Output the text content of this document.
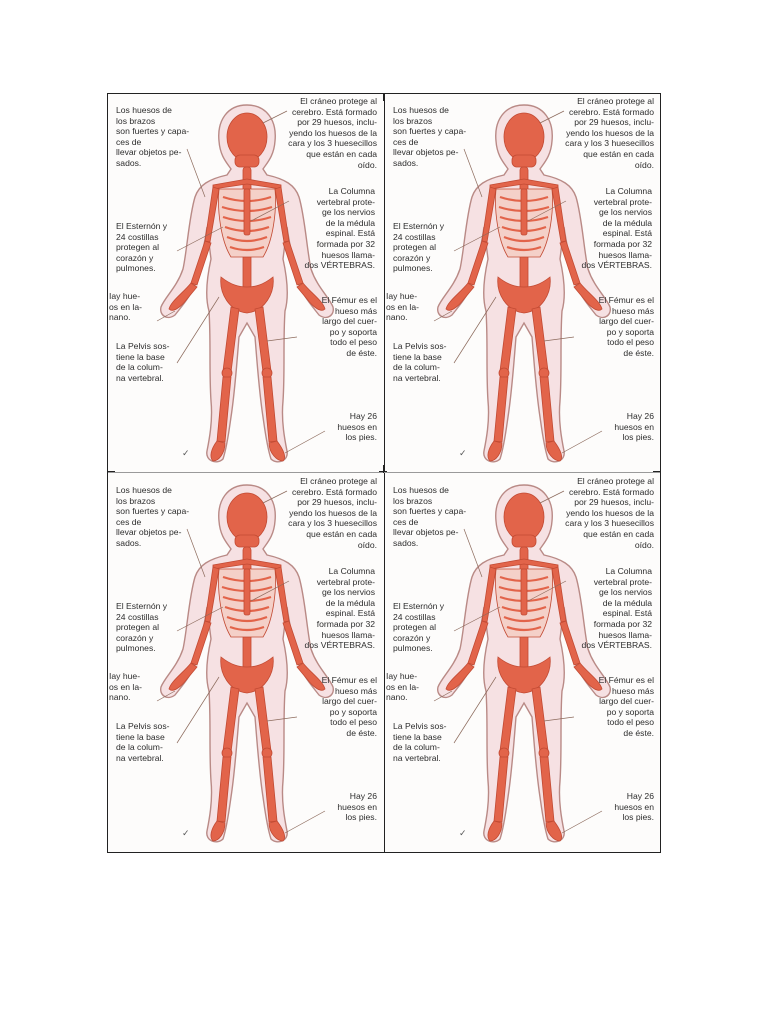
Los huesos de
los brazos
son fuertes y capa-
ces de
llevar objetos pe-
sados.
El cráneo protege al
cerebro. Está formado
por 29 huesos, inclu-
yendo los huesos de la
cara y los 3 huesecillos
que están en cada
oído.
La Columna
vertebral prote-
ge los nervios
de la médula
espinal. Está
formada por 32
huesos llama-
dos VÉRTEBRAS.
El Esternón y
24 costillas
protegen al
corazón y
pulmones.
Iay hue-
os en la-
nano.
El Fémur es el
hueso más
largo del cuer-
po y soporta
todo el peso
de éste.
La Pelvis sos-
tiene la base
de la colum-
na vertebral.
Hay 26
huesos en
los pies.
✓
Los huesos de
los brazos
son fuertes y capa-
ces de
llevar objetos pe-
sados.
El cráneo protege al
cerebro. Está formado
por 29 huesos, inclu-
yendo los huesos de la
cara y los 3 huesecillos
que están en cada
oído.
La Columna
vertebral prote-
ge los nervios
de la médula
espinal. Está
formada por 32
huesos llama-
dos VÉRTEBRAS.
El Esternón y
24 costillas
protegen al
corazón y
pulmones.
Iay hue-
os en la-
nano.
El Fémur es el
hueso más
largo del cuer-
po y soporta
todo el peso
de éste.
La Pelvis sos-
tiene la base
de la colum-
na vertebral.
Hay 26
huesos en
los pies.
✓
Los huesos de
los brazos
son fuertes y capa-
ces de
llevar objetos pe-
sados.
El cráneo protege al
cerebro. Está formado
por 29 huesos, inclu-
yendo los huesos de la
cara y los 3 huesecillos
que están en cada
oído.
La Columna
vertebral prote-
ge los nervios
de la médula
espinal. Está
formada por 32
huesos llama-
dos VÉRTEBRAS.
El Esternón y
24 costillas
protegen al
corazón y
pulmones.
Iay hue-
os en la-
nano.
El Fémur es el
hueso más
largo del cuer-
po y soporta
todo el peso
de éste.
La Pelvis sos-
tiene la base
de la colum-
na vertebral.
Hay 26
huesos en
los pies.
✓
Los huesos de
los brazos
son fuertes y capa-
ces de
llevar objetos pe-
sados.
El cráneo protege al
cerebro. Está formado
por 29 huesos, inclu-
yendo los huesos de la
cara y los 3 huesecillos
que están en cada
oído.
La Columna
vertebral prote-
ge los nervios
de la médula
espinal. Está
formada por 32
huesos llama-
dos VÉRTEBRAS.
El Esternón y
24 costillas
protegen al
corazón y
pulmones.
Iay hue-
os en la-
nano.
El Fémur es el
hueso más
largo del cuer-
po y soporta
todo el peso
de éste.
La Pelvis sos-
tiene la base
de la colum-
na vertebral.
Hay 26
huesos en
los pies.
✓
